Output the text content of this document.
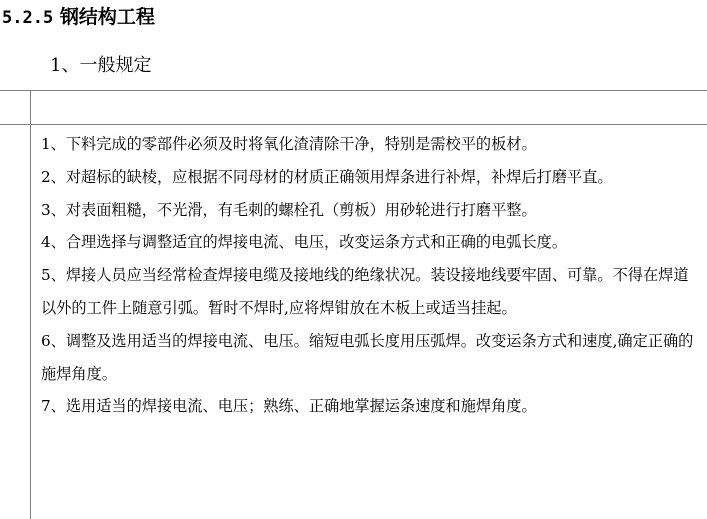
5.2.5 钢结构工程
1、一般规定

1、下料完成的零部件必须及时将氧化渣清除干净，特别是需校平的板材。

2、对超标的缺棱，应根据不同母材的材质正确领用焊条进行补焊，补焊后打磨平直。

3、对表面粗糙，不光滑，有毛刺的螺栓孔（剪板）用砂轮进行打磨平整。

4、合理选择与调整适宜的焊接电流、电压，改变运条方式和正确的电弧长度。

5、焊接人员应当经常检查焊接电缆及接地线的绝缘状况。装设接地线要牢固、可靠。不得在焊道以外的工件上随意引弧。暂时不焊时,应将焊钳放在木板上或适当挂起。

6、调整及选用适当的焊接电流、电压。缩短电弧长度用压弧焊。改变运条方式和速度,确定正确的施焊角度。

7、选用适当的焊接电流、电压；熟练、正确地掌握运条速度和施焊角度。
